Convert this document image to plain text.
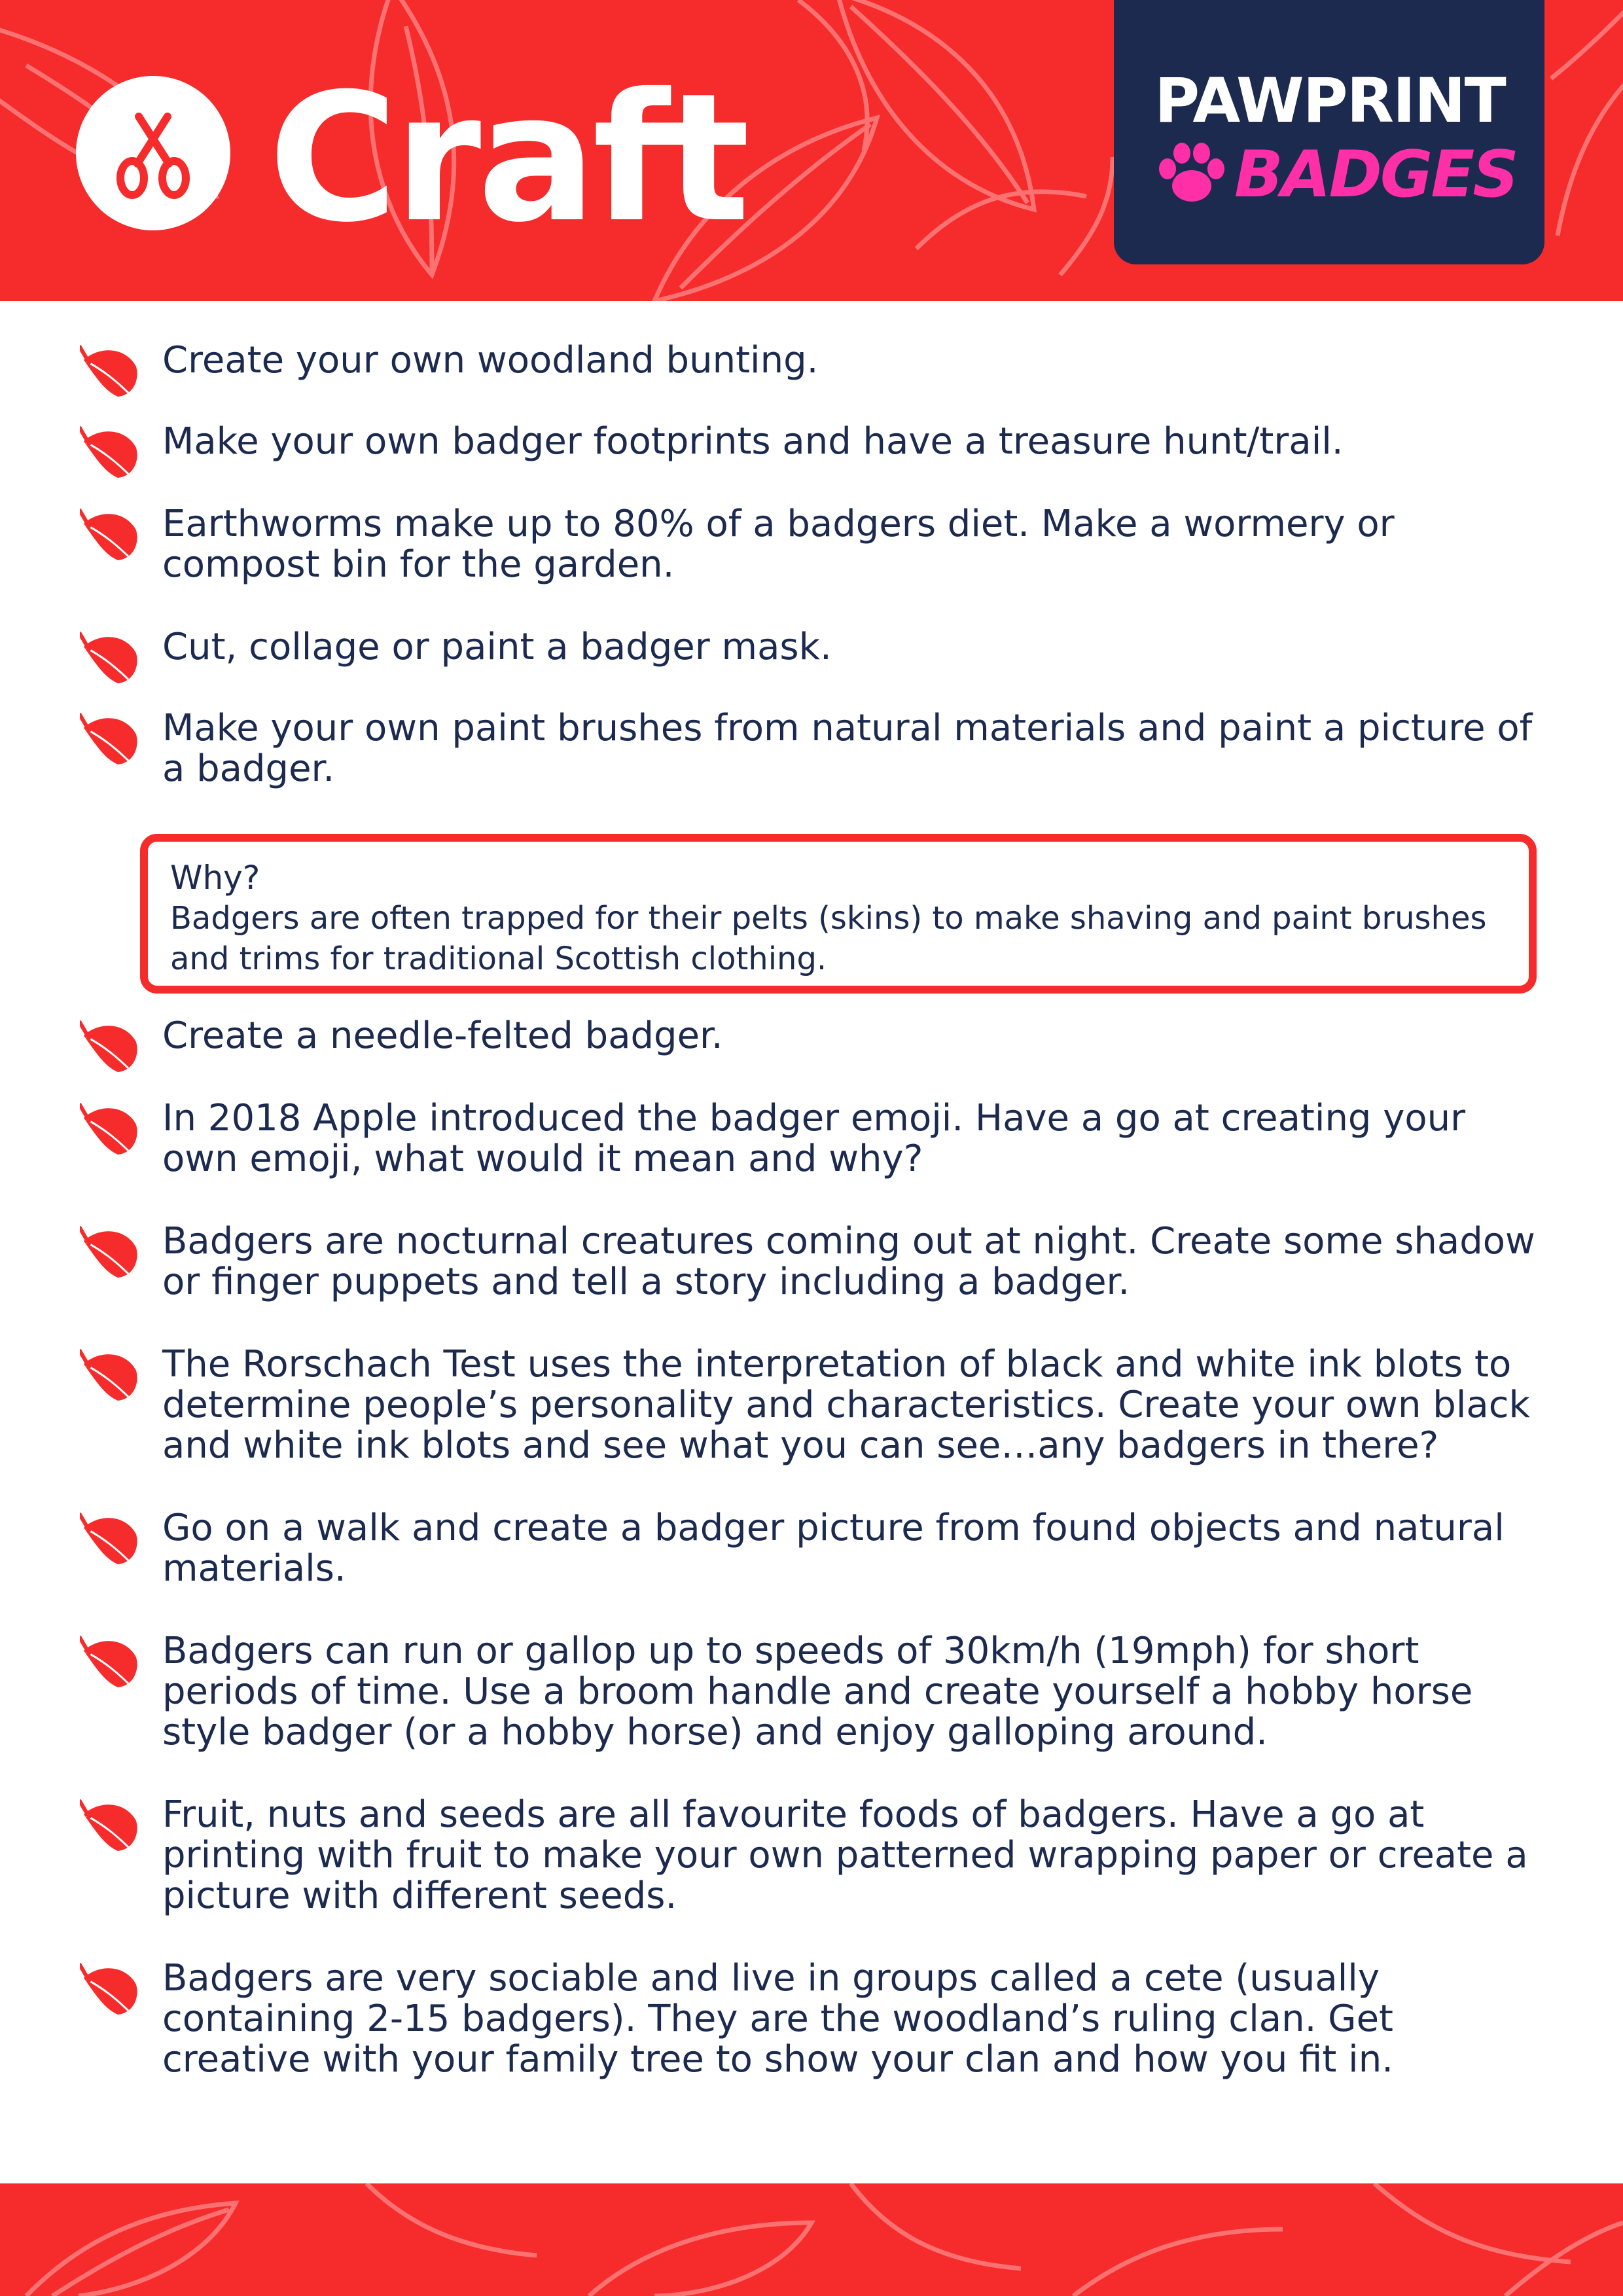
Craft	PAWPRINT
BADGES
Create your own woodland bunting.
Make your own badger footprints and have a treasure hunt/trail.
Earthworms make up to 80% of a badgers diet. Make a wormery or compost bin for the garden.
Cut, collage or paint a badger mask.
Make your own paint brushes from natural materials and paint a picture of a badger.
Why?
Badgers are often trapped for their pelts (skins) to make shaving and paint brushes and trims for traditional Scottish clothing.
Create a needle-felted badger.
In 2018 Apple introduced the badger emoji. Have a go at creating your own emoji, what would it mean and why?
Badgers are nocturnal creatures coming out at night. Create some shadow or finger puppets and tell a story including a badger.
The Rorschach Test uses the interpretation of black and white ink blots to determine people’s personality and characteristics. Create your own black and white ink blots and see what you can see…any badgers in there?
Go on a walk and create a badger picture from found objects and natural materials.
Badgers can run or gallop up to speeds of 30km/h (19mph) for short periods of time. Use a broom handle and create yourself a hobby horse style badger (or a hobby horse) and enjoy galloping around.
Fruit, nuts and seeds are all favourite foods of badgers. Have a go at printing with fruit to make your own patterned wrapping paper or create a picture with different seeds.
Badgers are very sociable and live in groups called a cete (usually containing 2-15 badgers). They are the woodland’s ruling clan. Get creative with your family tree to show your clan and how you fit in.
